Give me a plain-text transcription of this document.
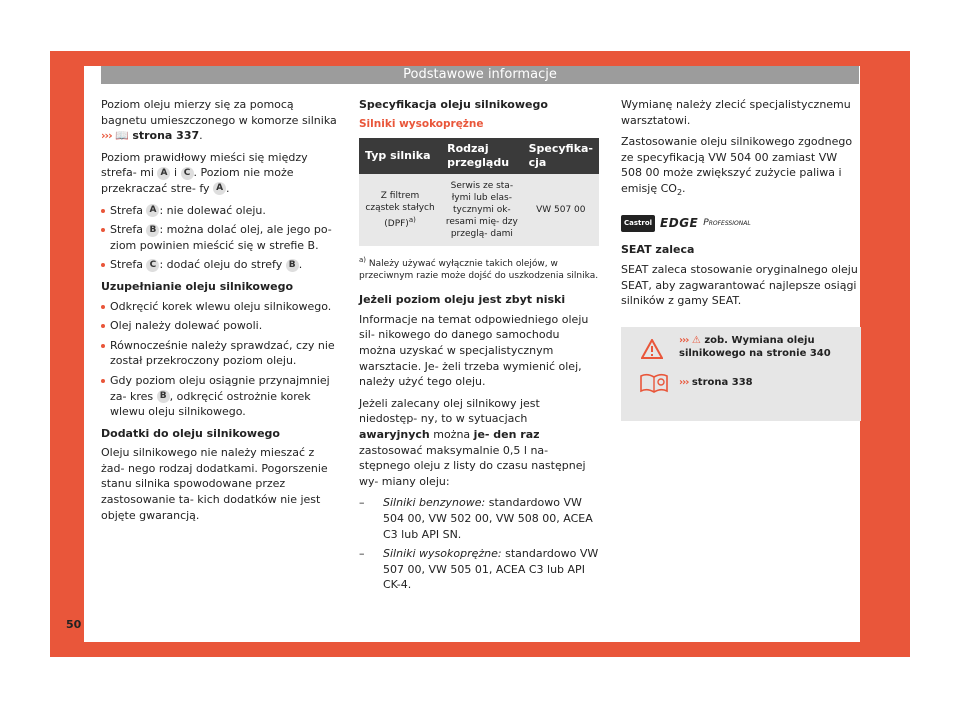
Podstawowe informacje

Poziom oleju mierzy się za pomocą bagnetu umieszczonego w komorze silnika
››› 📖 strona 337.

Poziom prawidłowy mieści się między strefa- mi A i C . Poziom nie może przekraczać stre- fy A .

Strefa A : nie dolewać oleju.
Strefa B : można dolać olej, ale jego po- ziom powinien mieścić się w strefie B.
Strefa C : dodać oleju do strefy B .
Uzupełnianie oleju silnikowego
Odkręcić korek wlewu oleju silnikowego.
Olej należy dolewać powoli.
Równocześnie należy sprawdzać, czy nie został przekroczony poziom oleju.
Gdy poziom oleju osiągnie przynajmniej za- kres B , odkręcić ostrożnie korek wlewu oleju silnikowego.
Dodatki do oleju silnikowego

Oleju silnikowego nie należy mieszać z żad- nego rodzaj dodatkami. Pogorszenie stanu silnika spowodowane przez zastosowanie ta- kich dodatków nie jest objęte gwarancją.

Specyfikacja oleju silnikowego
Silniki wysokoprężne
Typ silnika	Rodzaj przeglądu	Specyfika- cja
Z filtrem cząstek stałych (DPF)$^{a)}$	Serwis ze sta- łymi lub elas- tycznymi ok- resami mię- dzy przeglą- dami	VW 507 00
$^{a)}$ Należy używać wyłącznie takich olejów, w przeciwnym razie może dojść do uszkodzenia silnika.
Jeżeli poziom oleju jest zbyt niski

Informacje na temat odpowiedniego oleju sil- nikowego do danego samochodu można uzyskać w specjalistycznym warsztacie. Je- żeli trzeba wymienić olej, należy użyć tego oleju.

Jeżeli zalecany olej silnikowy jest niedostęp- ny, to w sytuacjach awaryjnych można je- den raz zastosować maksymalnie 0,5 l na- stępnego oleju z listy do czasu następnej wy- miany oleju:

– Silniki benzynowe: standardowo VW 504 00, VW 502 00, VW 508 00, ACEA C3 lub API SN.
– Silniki wysokoprężne: standardowo VW 507 00, VW 505 01, ACEA C3 lub API CK-4.

Wymianę należy zlecić specjalistycznemu warsztatowi.

Zastosowanie oleju silnikowego zgodnego ze specyfikacją VW 504 00 zamiast VW 508 00 może zwiększyć zużycie paliwa i emisję $CO_2$.

Castrol EDGE Professional
SEAT zaleca

SEAT zaleca stosowanie oryginalnego oleju SEAT, aby zagwarantować najlepsze osiągi silników z gamy SEAT.

››› ⚠ zob. Wymiana oleju silnikowego na stronie 340
››› strona 338
50
